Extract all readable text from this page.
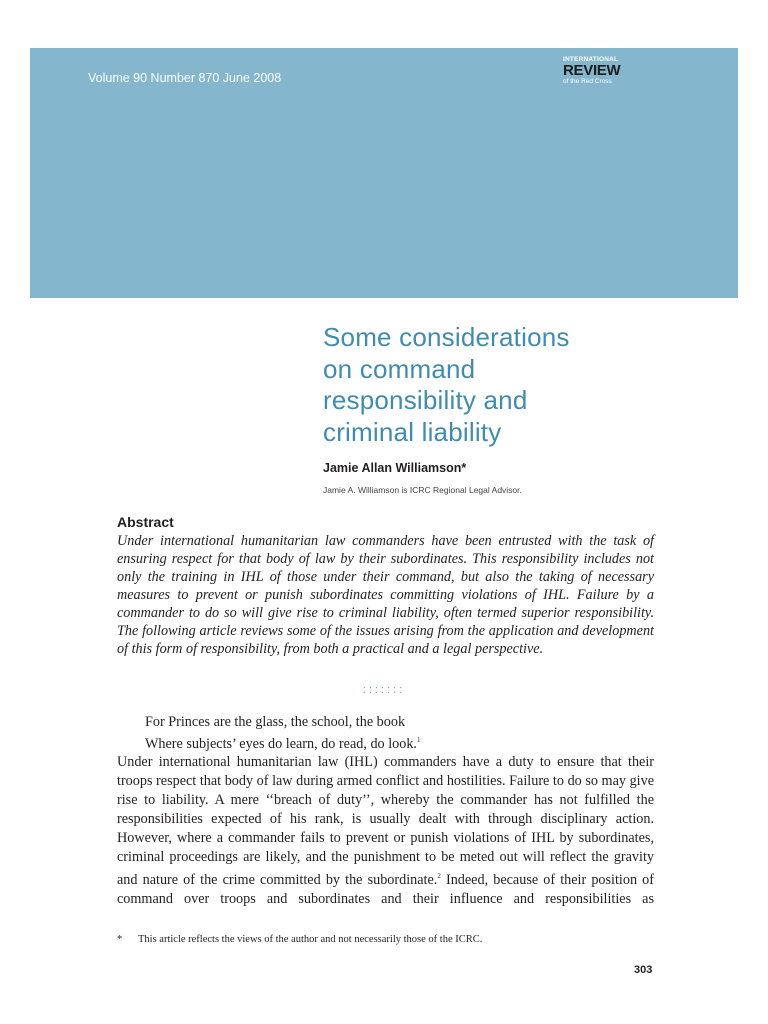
Volume 90 Number 870 June 2008
INTERNATIONAL
REVIEW
of the Red Cross
Some considerations
on command
responsibility and
criminal liability
Jamie Allan Williamson*
Jamie A. Williamson is ICRC Regional Legal Advisor.
Abstract

Under international humanitarian law commanders have been entrusted with the task of ensuring respect for that body of law by their subordinates. This responsibility includes not only the training in IHL of those under their command, but also the taking of necessary measures to prevent or punish subordinates committing violations of IHL. Failure by a commander to do so will give rise to criminal liability, often termed superior responsibility. The following article reviews some of the issues arising from the application and development of this form of responsibility, from both a practical and a legal perspective.

:::::::

For Princes are the glass, the school, the book
Where subjects’ eyes do learn, do read, do look.$^1$

Under international humanitarian law (IHL) commanders have a duty to ensure that their troops respect that body of law during armed conflict and hostilities. Failure to do so may give rise to liability. A mere ‘‘breach of duty’’, whereby the commander has not fulfilled the responsibilities expected of his rank, is usually dealt with through disciplinary action. However, where a commander fails to prevent or punish violations of IHL by subordinates, criminal proceedings are likely, and the punishment to be meted out will reflect the gravity and nature of the crime committed by the subordinate.$^2$ Indeed, because of their position of command over troops and subordinates and their influence and responsibilities as

* This article reflects the views of the author and not necessarily those of the ICRC.

303
